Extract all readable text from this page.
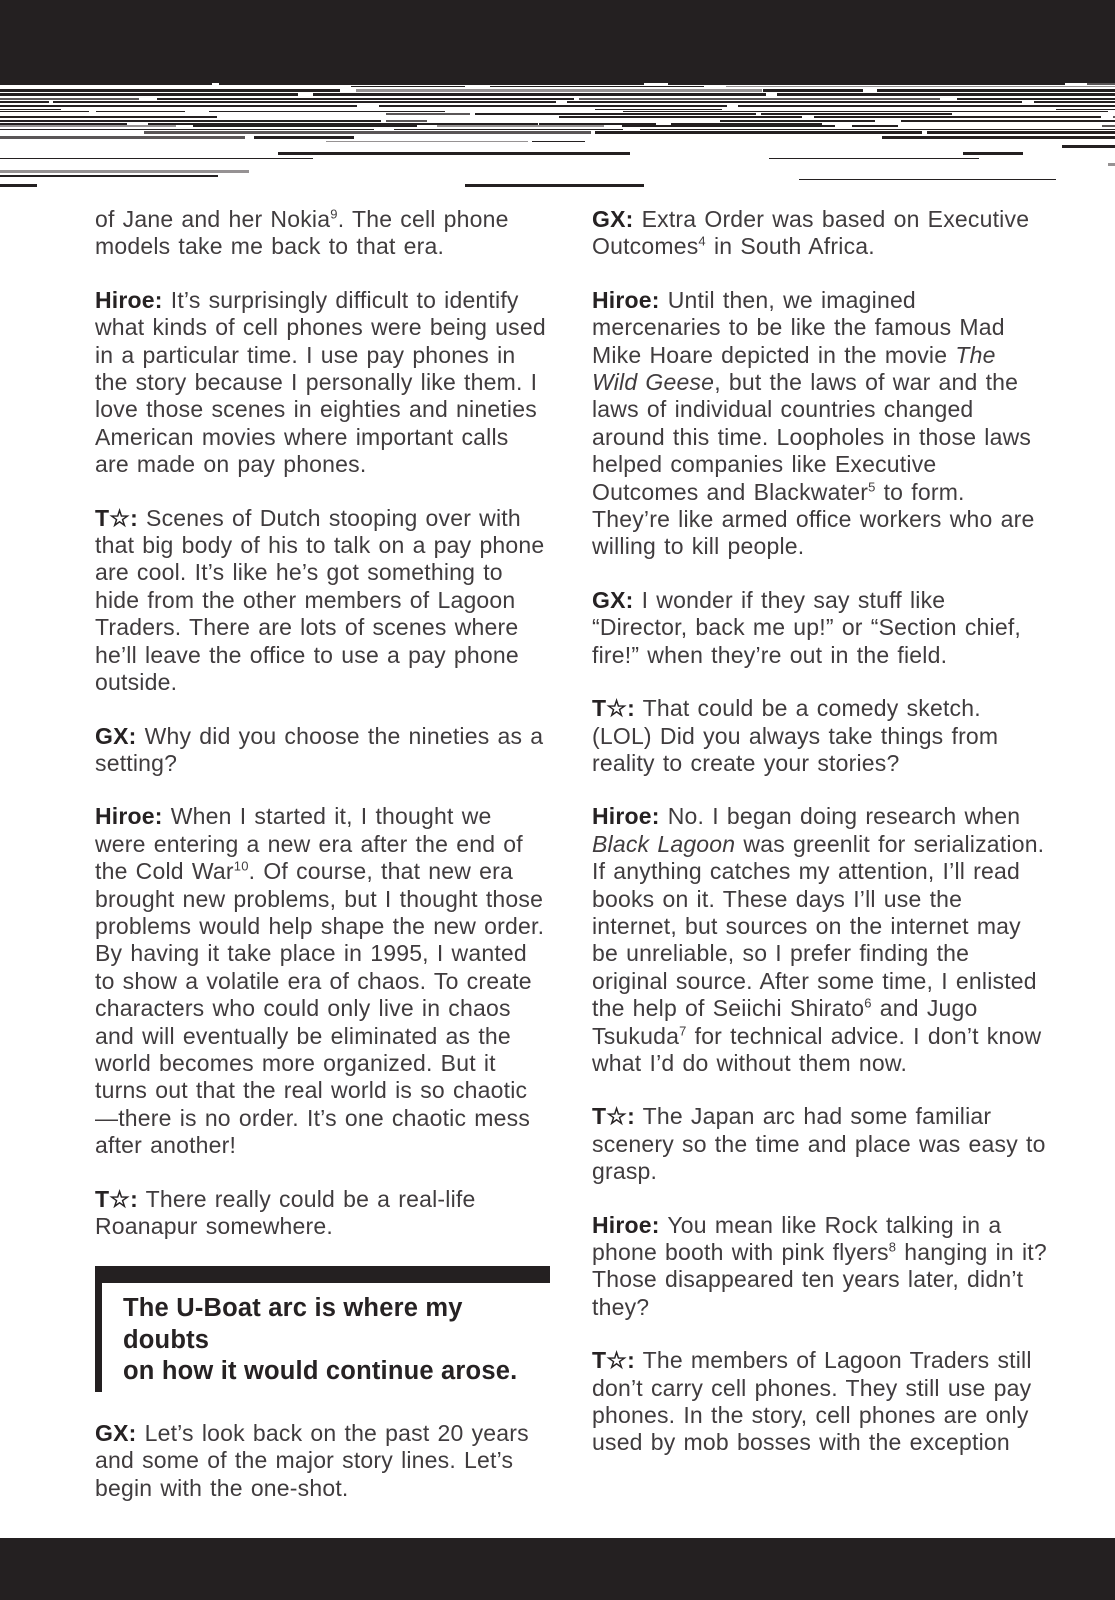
of Jane and her Nokia$^9$. The cell phone models take me back to that era.

Hiroe: It’s surprisingly difficult to identify what kinds of cell phones were being used in a particular time. I use pay phones in the story because I personally like them. I love those scenes in eighties and nineties American movies where important calls are made on pay phones.

T☆: Scenes of Dutch stooping over with that big body of his to talk on a pay phone are cool. It’s like he’s got something to hide from the other members of Lagoon Traders. There are lots of scenes where he’ll leave the office to use a pay phone outside.

GX: Why did you choose the nineties as a setting?

Hiroe: When I started it, I thought we were entering a new era after the end of the Cold War$^{10}$. Of course, that new era brought new problems, but I thought those problems would help shape the new order. By having it take place in 1995, I wanted to show a volatile era of chaos. To create characters who could only live in chaos and will eventually be eliminated as the world becomes more organized. But it turns out that the real world is so chaotic—there is no order. It’s one chaotic mess after another!

T☆: There really could be a real-life Roanapur somewhere.

The U-Boat arc is where my doubts
on how it would continue arose.

GX: Let’s look back on the past 20 years and some of the major story lines. Let’s begin with the one-shot.

GX: Extra Order was based on Executive Outcomes$^4$ in South Africa.

Hiroe: Until then, we imagined mercenaries to be like the famous Mad Mike Hoare depicted in the movie The Wild Geese, but the laws of war and the laws of individual countries changed around this time. Loopholes in those laws helped companies like Executive Outcomes and Blackwater$^5$ to form. They’re like armed office workers who are willing to kill people.

GX: I wonder if they say stuff like “Director, back me up!” or “Section chief, fire!” when they’re out in the field.

T☆: That could be a comedy sketch. (LOL) Did you always take things from reality to create your stories?

Hiroe: No. I began doing research when Black Lagoon was greenlit for serialization. If anything catches my attention, I’ll read books on it. These days I’ll use the internet, but sources on the internet may be unreliable, so I prefer finding the original source. After some time, I enlisted the help of Seiichi Shirato$^6$ and Jugo Tsukuda$^7$ for technical advice. I don’t know what I’d do without them now.

T☆: The Japan arc had some familiar scenery so the time and place was easy to grasp.

Hiroe: You mean like Rock talking in a phone booth with pink flyers$^8$ hanging in it? Those disappeared ten years later, didn’t they?

T☆: The members of Lagoon Traders still don’t carry cell phones. They still use pay phones. In the story, cell phones are only used by mob bosses with the exception
